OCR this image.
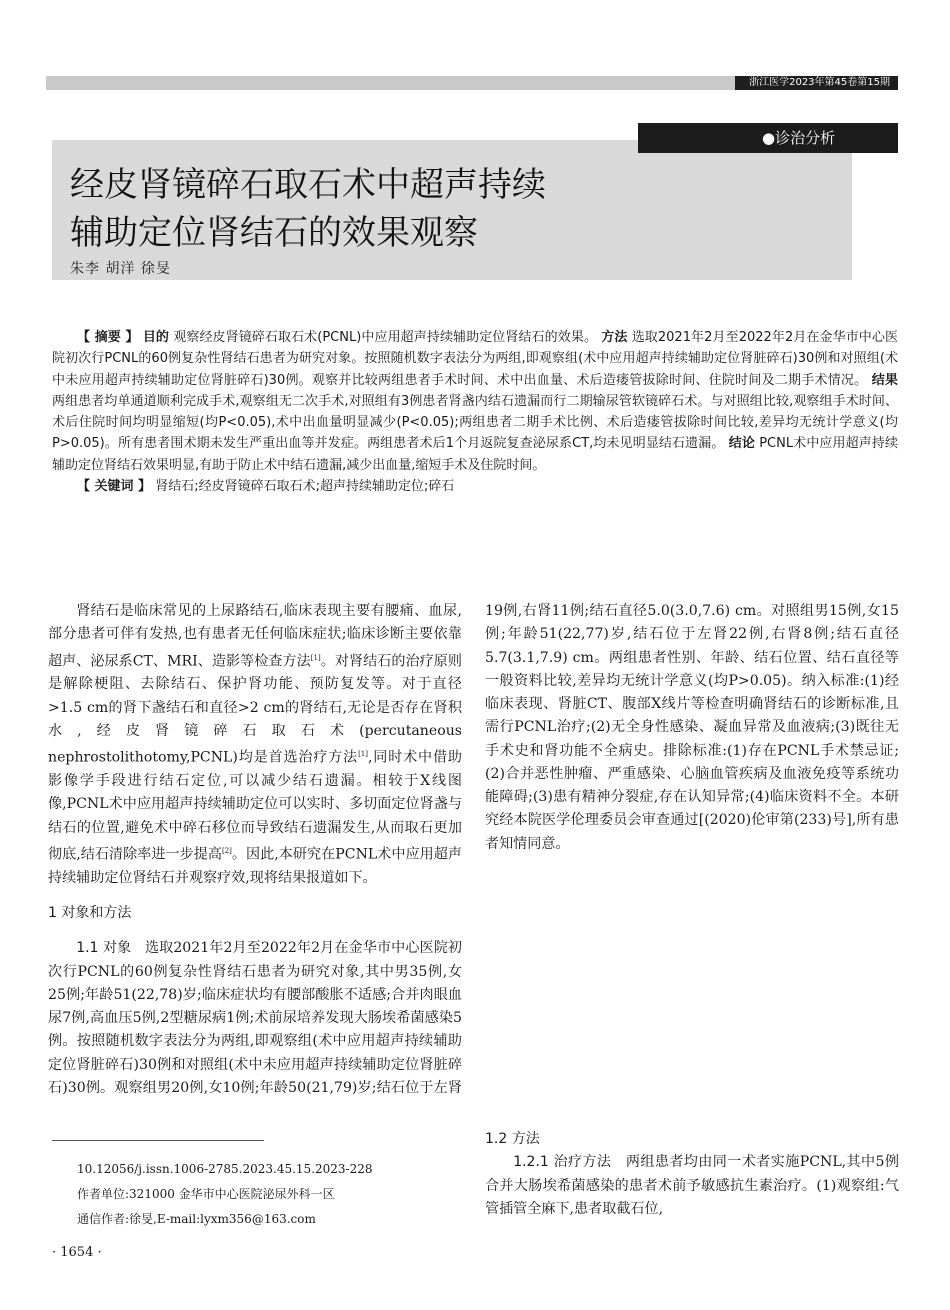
浙江医学2023年第45卷第15期
●诊治分析
经皮肾镜碎石取石术中超声持续
辅助定位肾结石的效果观察
朱李 胡洋 徐旻

【 摘要 】 目的 观察经皮肾镜碎石取石术(PCNL)中应用超声持续辅助定位肾结石的效果。 方法 选取2021年2月至2022年2月在金华市中心医院初次行PCNL的60例复杂性肾结石患者为研究对象。按照随机数字表法分为两组,即观察组(术中应用超声持续辅助定位肾脏碎石)30例和对照组(术中未应用超声持续辅助定位肾脏碎石)30例。观察并比较两组患者手术时间、术中出血量、术后造瘘管拔除时间、住院时间及二期手术情况。 结果 两组患者均单通道顺利完成手术,观察组无二次手术,对照组有3例患者肾盏内结石遗漏而行二期输尿管软镜碎石术。与对照组比较,观察组手术时间、术后住院时间均明显缩短(均P<0.05),术中出血量明显减少(P<0.05);两组患者二期手术比例、术后造瘘管拔除时间比较,差异均无统计学意义(均P>0.05)。所有患者围术期未发生严重出血等并发症。两组患者术后1个月返院复查泌尿系CT,均未见明显结石遗漏。 结论 PCNL术中应用超声持续辅助定位肾结石效果明显,有助于防止术中结石遗漏,减少出血量,缩短手术及住院时间。

【 关键词 】 肾结石;经皮肾镜碎石取石术;超声持续辅助定位;碎石

肾结石是临床常见的上尿路结石,临床表现主要有腰痛、血尿,部分患者可伴有发热,也有患者无任何临床症状;临床诊断主要依靠超声、泌尿系CT、MRI、造影等检查方法[1]。对肾结石的治疗原则是解除梗阻、去除结石、保护肾功能、预防复发等。对于直径>1.5 cm的肾下盏结石和直径>2 cm的肾结石,无论是否存在肾积水,经皮肾镜碎石取石术(percutaneous nephrostolithotomy,PCNL)均是首选治疗方法[1],同时术中借助影像学手段进行结石定位,可以减少结石遗漏。相较于X线图像,PCNL术中应用超声持续辅助定位可以实时、多切面定位肾盏与结石的位置,避免术中碎石移位而导致结石遗漏发生,从而取石更加彻底,结石清除率进一步提高[2]。因此,本研究在PCNL术中应用超声持续辅助定位肾结石并观察疗效,现将结果报道如下。

1 对象和方法

1.1 对象 选取2021年2月至2022年2月在金华市中心医院初次行PCNL的60例复杂性肾结石患者为研究对象,其中男35例,女25例;年龄51(22,78)岁;临床症状均有腰部酸胀不适感;合并肉眼血尿7例,高血压5例,2型糖尿病1例;术前尿培养发现大肠埃希菌感染5例。按照随机数字表法分为两组,即观察组(术中应用超声持续辅助定位肾脏碎石)30例和对照组(术中未应用超声持续辅助定位肾脏碎石)30例。观察组男20例,女10例;年龄50(21,79)岁;结石位于左肾19例,右肾11例;结石直径5.0(3.0,7.6) cm。对照组男15例,女15例;年龄51(22,77)岁,结石位于左肾22例,右肾8例;结石直径5.7(3.1,7.9) cm。两组患者性别、年龄、结石位置、结石直径等一般资料比较,差异均无统计学意义(均P>0.05)。纳入标准:(1)经临床表现、肾脏CT、腹部X线片等检查明确肾结石的诊断标准,且需行PCNL治疗;(2)无全身性感染、凝血异常及血液病;(3)既往无手术史和肾功能不全病史。排除标准:(1)存在PCNL手术禁忌证;(2)合并恶性肿瘤、严重感染、心脑血管疾病及血液免疫等系统功能障碍;(3)患有精神分裂症,存在认知异常;(4)临床资料不全。本研究经本院医学伦理委员会审查通过[(2020)伦审第(233)号],所有患者知情同意。

1.2 方法

1.2.1 治疗方法 两组患者均由同一术者实施PCNL,其中5例合并大肠埃希菌感染的患者术前予敏感抗生素治疗。(1)观察组:气管插管全麻下,患者取截石位,

10.12056/j.issn.1006-2785.2023.45.15.2023-228

作者单位:321000 金华市中心医院泌尿外科一区

通信作者:徐旻,E-mail:lyxm356@163.com

· 1654 ·
